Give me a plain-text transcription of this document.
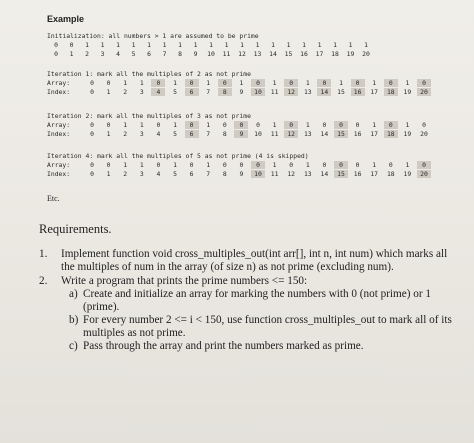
Example
Initialization: all numbers > 1 are assumed to be prime
0	0	1	1	1	1	1	1	1	1	1	1	1	1	1	1	1	1	1	1	1
0	1	2	3	4	5	6	7	8	9	10	11	12	13	14	15	16	17	18	19	20
Iteration 1: mark all the multiples of 2 as not prime
Array:	0	0	1	1	0	1	0	1	0	1	0	1	0	1	0	1	0	1	0	1	0
Index:	0	1	2	3	4	5	6	7	8	9	10	11	12	13	14	15	16	17	18	19	20
Iteration 2: mark all the multiples of 3 as not prime
Array:	0	0	1	1	0	1	0	1	0	0	0	1	0	1	0	0	0	1	0	1	0
Index:	0	1	2	3	4	5	6	7	8	9	10	11	12	13	14	15	16	17	18	19	20
Iteration 4: mark all the multiples of 5 as not prime (4 is skipped)
Array:	0	0	1	1	0	1	0	1	0	0	0	1	0	1	0	0	0	1	0	1	0
Index:	0	1	2	3	4	5	6	7	8	9	10	11	12	13	14	15	16	17	18	19	20
Etc.
Requirements.
1. Implement function void cross_multiples_out(int arr[], int n, int num) which marks all the multiples of num in the array (of size n) as not prime (excluding num).
2. Write a program that prints the prime numbers <= 150:
a) Create and initialize an array for marking the numbers with 0 (not prime) or 1 (prime).
b) For every number 2 <= i < 150, use function cross_multiples_out to mark all of its multiples as not prime.
c) Pass through the array and print the numbers marked as prime.
